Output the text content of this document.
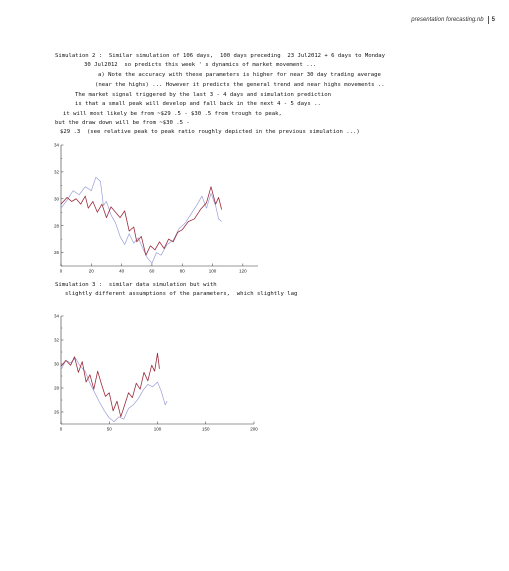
presentation forecasting.nb 5
Simulation 2 :  Similar simulation of 106 days,  100 days preceding  23 Jul2012 + 6 days to Monday
30 Jul2012  so predicts this week ' s dynamics of market movement ...
a) Note the accuracy with these parameters is higher for near 30 day trading average
(near the highs) ... However it predicts the general trend and near highs movements ..
The market signal triggered by the last 3 - 4 days and simulation prediction
is that a small peak will develop and fall back in the next 4 - 5 days ..
it will most likely be from ~$29 .5 - $30 .5 from trough to peak,
but the draw down will be from ~$30 .5 -
$29 .3  (see relative peak to peak ratio roughly depicted in the previous simulation ...)
0	20	40	60	80	100	120
26
28
30
32
34
Simulation 3 :  similar data simulation but with
slightly different assumptions of the parameters,  which slightly lag
0	50	100	150	200
26
28
30
32
34
